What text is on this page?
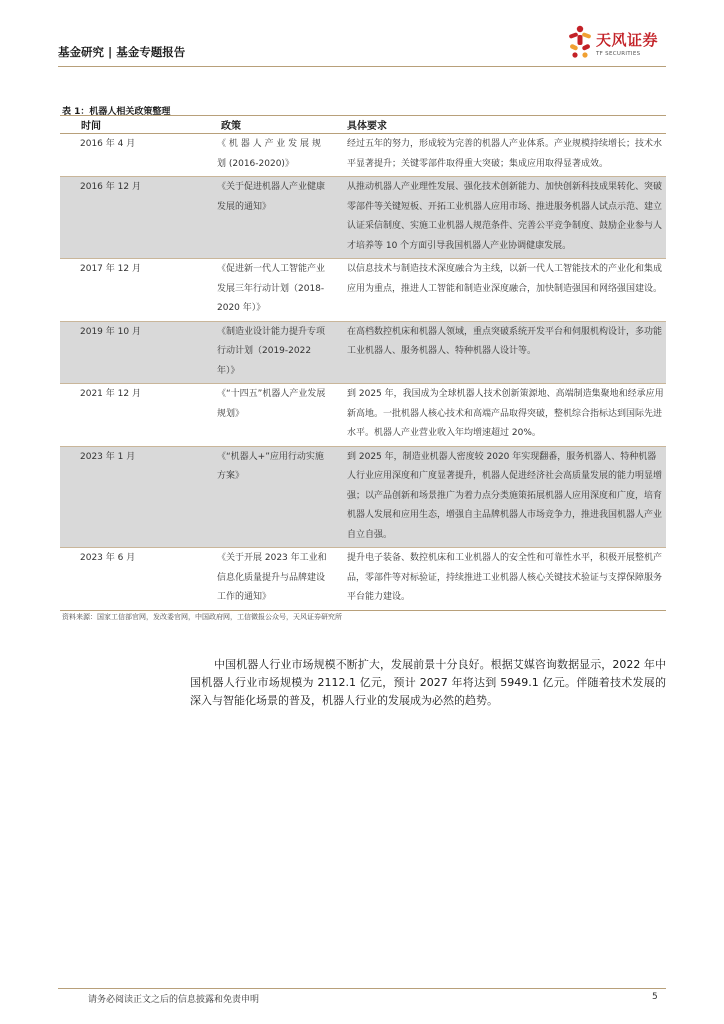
基金研究 | 基金专题报告
天风证券
TF SECURITIES
表 1：机器人相关政策整理
时间	政策	具体要求
2016 年 4 月	《 机 器 人 产 业 发 展 规 划 (2016-2020)》	经过五年的努力，形成较为完善的机器人产业体系。产业规模持续增长；技术水平显著提升；关键零部件取得重大突破；集成应用取得显著成效。
2016 年 12 月	《关于促进机器人产业健康发展的通知》	从推动机器人产业理性发展、强化技术创新能力、加快创新科技成果转化、突破零部件等关键短板、开拓工业机器人应用市场、推进服务机器人试点示范、建立认证采信制度、实施工业机器人规范条件、完善公平竞争制度、鼓励企业参与人才培养等 10 个方面引导我国机器人产业协调健康发展。
2017 年 12 月	《促进新一代人工智能产业发展三年行动计划（2018-2020 年）》	以信息技术与制造技术深度融合为主线，以新一代人工智能技术的产业化和集成应用为重点，推进人工智能和制造业深度融合，加快制造强国和网络强国建设。
2019 年 10 月	《制造业设计能力提升专项行动计划（2019-2022 年）》	在高档数控机床和机器人领域，重点突破系统开发平台和伺服机构设计，多功能工业机器人、服务机器人、特种机器人设计等。
2021 年 12 月	《“十四五”机器人产业发展规划》	到 2025 年，我国成为全球机器人技术创新策源地、高端制造集聚地和经承应用新高地。一批机器人核心技术和高端产品取得突破，整机综合指标达到国际先进水平。机器人产业营业收入年均增速超过 20%。
2023 年 1 月	《“机器人+”应用行动实施方案》	到 2025 年，制造业机器人密度较 2020 年实现翻番，服务机器人、特种机器人行业应用深度和广度显著提升，机器人促进经济社会高质量发展的能力明显增强；以产品创新和场景推广为着力点分类施策拓展机器人应用深度和广度，培育机器人发展和应用生态，增强自主品牌机器人市场竞争力，推进我国机器人产业自立自强。
2023 年 6 月	《关于开展 2023 年工业和信息化质量提升与品牌建设工作的通知》	提升电子装备、数控机床和工业机器人的安全性和可靠性水平，积极开展整机产品，零部件等对标验证，持续推进工业机器人核心关键技术验证与支撑保障服务平台能力建设。
资料来源：国家工信部官网，发改委官网，中国政府网，工信微报公众号，天风证券研究所

中国机器人行业市场规模不断扩大，发展前景十分良好。根据艾媒咨询数据显示，2022 年中国机器人行业市场规模为 2112.1 亿元，预计 2027 年将达到 5949.1 亿元。伴随着技术发展的深入与智能化场景的普及，机器人行业的发展成为必然的趋势。

请务必阅读正文之后的信息披露和免责申明	5
